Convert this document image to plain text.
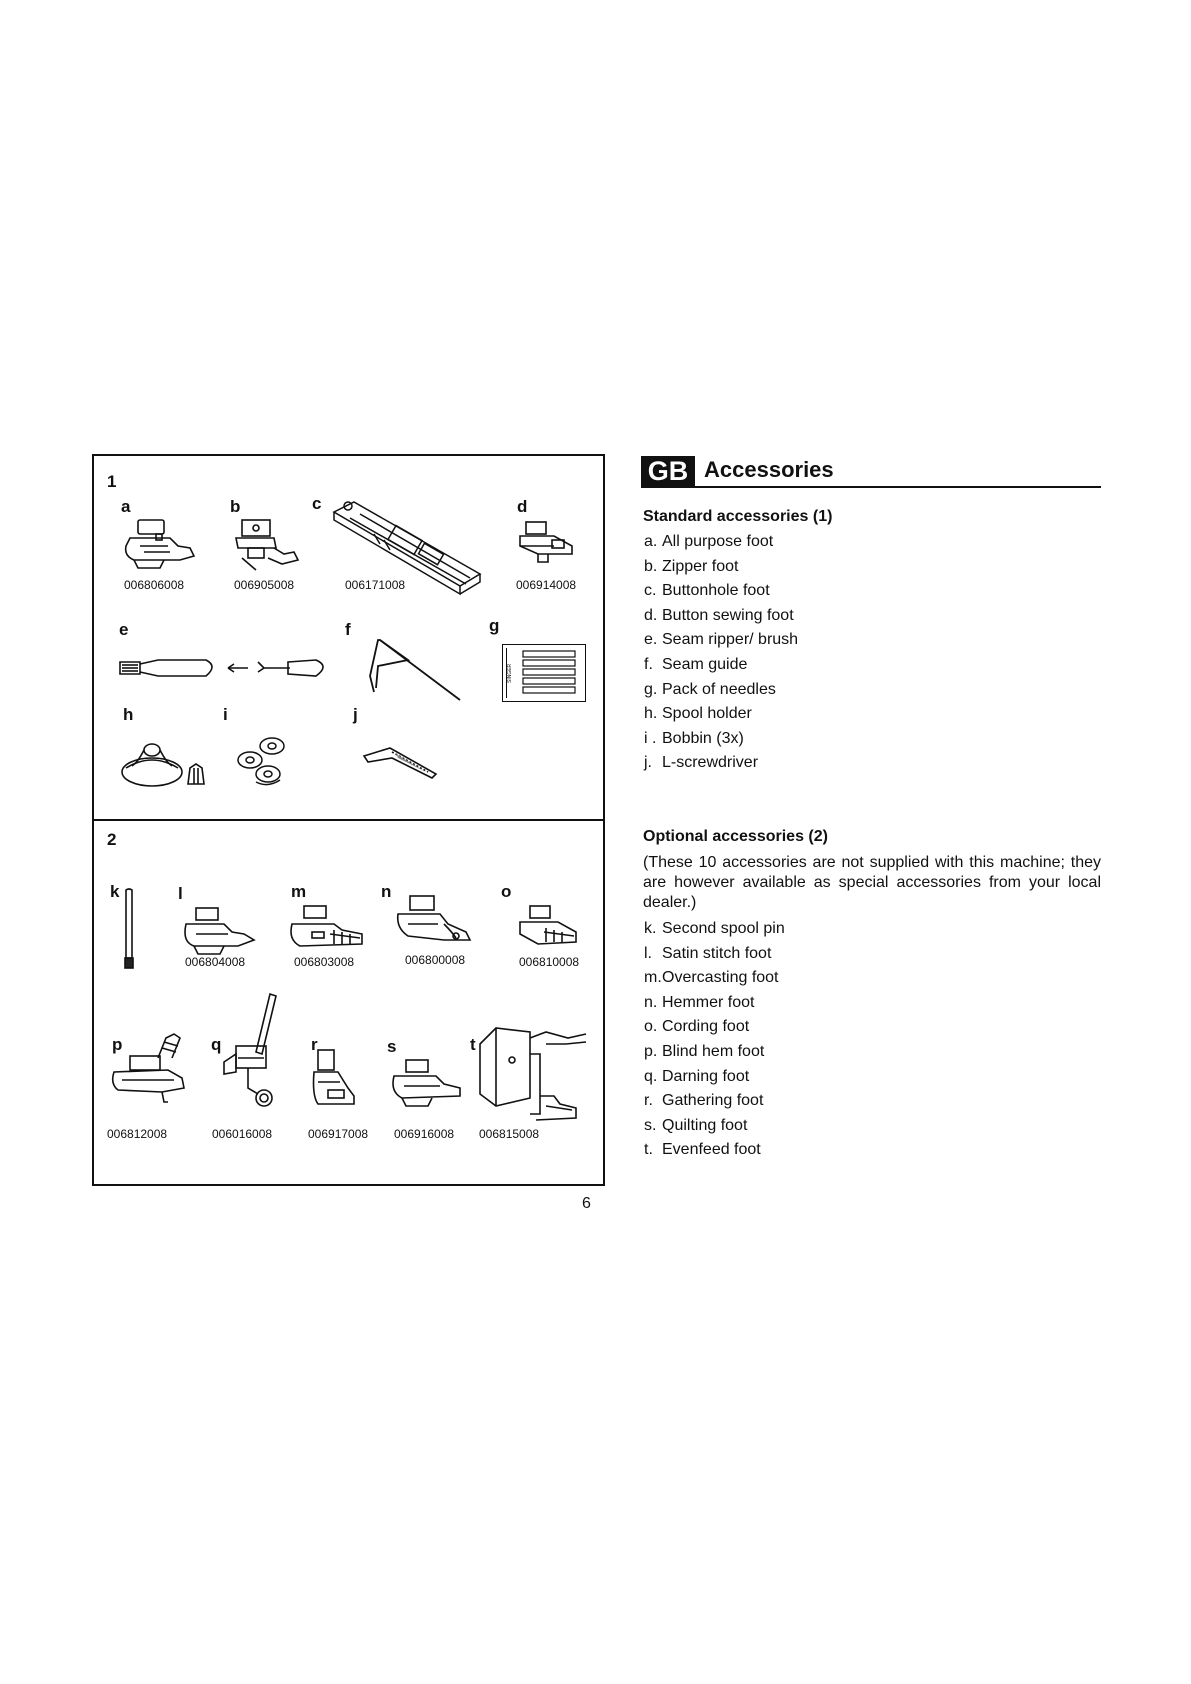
1
a	b	c	d
006806008	006905008	006171008	006914008
e	f	g
SINGER
h	i	j
2
k	l	m	n	o
006804008	006803008	006800008	006810008
p	q	r	s	t
006812008	006016008	006917008 006916008 006815008
6
GB Accessories
Standard accessories (1)
a. All purpose foot
b. Zipper foot
c. Buttonhole foot
d. Button sewing foot
e. Seam ripper/ brush
f. Seam guide
g. Pack of needles
h. Spool holder
i . Bobbin (3x)
j. L-screwdriver
Optional accessories (2)
(These 10 accessories are not supplied with this machine; they are however available as special accessories from your local dealer.)
k. Second spool pin
l. Satin stitch foot
m.Overcasting foot
n. Hemmer foot
o. Cording foot
p. Blind hem foot
q. Darning foot
r. Gathering foot
s. Quilting foot
t. Evenfeed foot
